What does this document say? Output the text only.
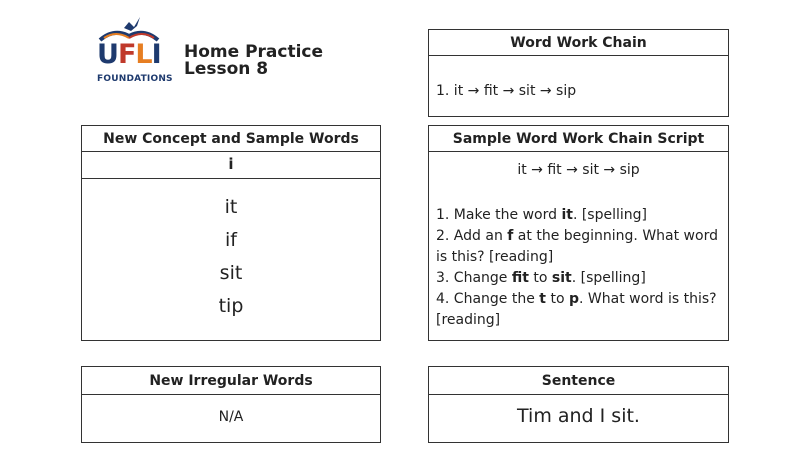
UFLI
FOUNDATIONS
Home Practice
Lesson 8
New Concept and Sample Words
i
it
if
sit
tip
Word Work Chain
1. it → fit → sit → sip
Sample Word Work Chain Script
it → fit → sit → sip
1. Make the word it. [spelling]
2. Add an f at the beginning. What word is this? [reading]
3. Change fit to sit. [spelling]
4. Change the t to p. What word is this? [reading]
New Irregular Words
N/A
Sentence
Tim and I sit.
